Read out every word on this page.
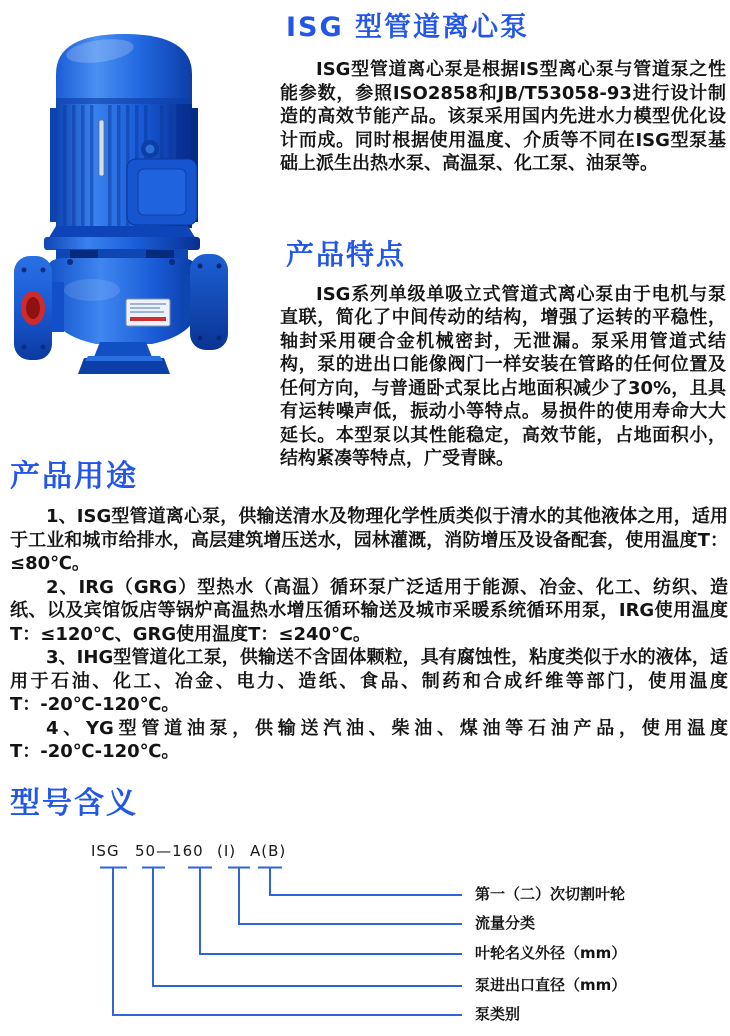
ISG 型管道离心泵

ISG型管道离心泵是根据IS型离心泵与管道泵之性能参数，参照ISO2858和JB/T53058-93进行设计制造的高效节能产品。该泵采用国内先进水力模型优化设计而成。同时根据使用温度、介质等不同在ISG型泵基础上派生出热水泵、高温泵、化工泵、油泵等。

产品特点

ISG系列单级单吸立式管道式离心泵由于电机与泵直联，简化了中间传动的结构，增强了运转的平稳性，轴封采用硬合金机械密封，无泄漏。泵采用管道式结构，泵的进出口能像阀门一样安装在管路的任何位置及任何方向，与普通卧式泵比占地面积减少了30%，且具有运转噪声低，振动小等特点。易损件的使用寿命大大延长。本型泵以其性能稳定，高效节能，占地面积小，结构紧凑等特点，广受青睐。

产品用途

1、ISG型管道离心泵，供输送清水及物理化学性质类似于清水的其他液体之用，适用于工业和城市给排水，高层建筑增压送水，园林灌溉，消防增压及设备配套，使用温度T：≤80℃。

2、IRG（GRG）型热水（高温）循环泵广泛适用于能源、冶金、化工、纺织、造纸、以及宾馆饭店等锅炉高温热水增压循环输送及城市采暖系统循环用泵，IRG使用温度T：≤120℃、GRG使用温度T：≤240℃。

3、IHG型管道化工泵，供输送不含固体颗粒，具有腐蚀性，粘度类似于水的液体，适用于石油、化工、冶金、电力、造纸、食品、制药和合成纤维等部门，使用温度T：-20℃-120℃。

4、YG型管道油泵，供输送汽油、柴油、煤油等石油产品，使用温度T：-20℃-120℃。

型号含义
ISG 50—160 (I) A(B)
第一（二）次切割叶轮
流量分类
叶轮名义外径（mm）
泵进出口直径（mm）
泵类别
